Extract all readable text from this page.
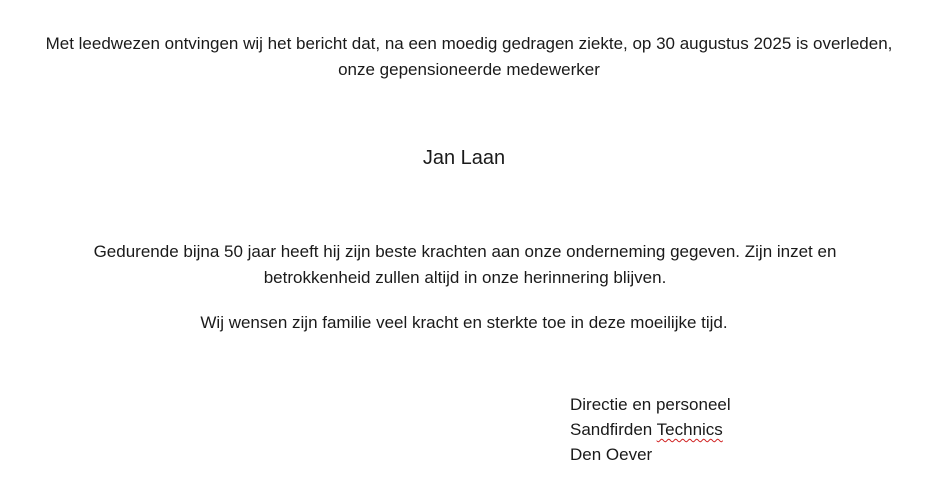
Met leedwezen ontvingen wij het bericht dat, na een moedig gedragen ziekte, op 30 augustus 2025 is overleden, onze gepensioneerde medewerker

Jan Laan

Gedurende bijna 50 jaar heeft hij zijn beste krachten aan onze onderneming gegeven. Zijn inzet en betrokkenheid zullen altijd in onze herinnering blijven.

Wij wensen zijn familie veel kracht en sterkte toe in deze moeilijke tijd.

Directie en personeel
Sandfirden Technics
Den Oever
